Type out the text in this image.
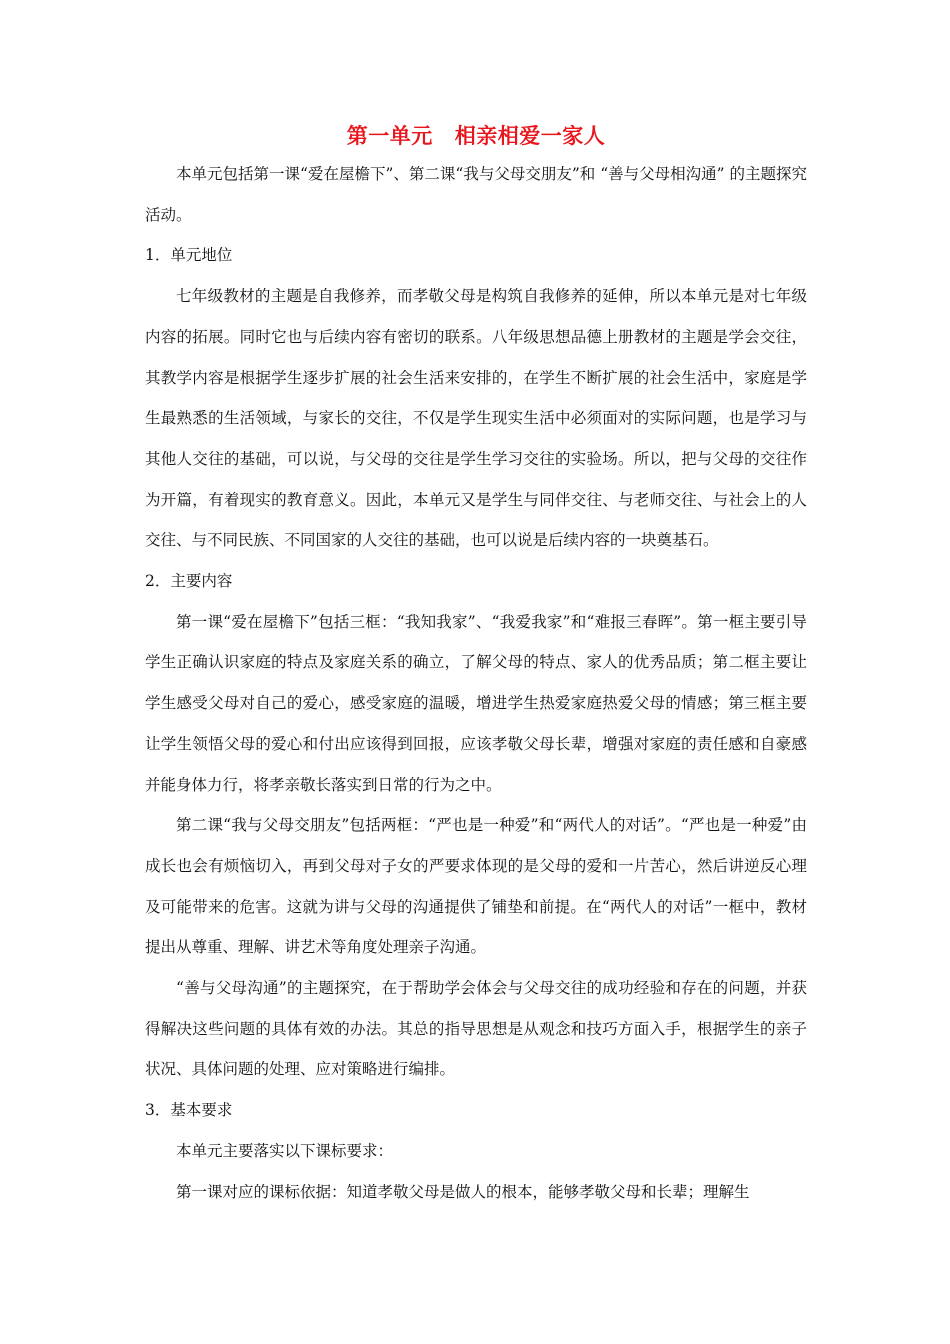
第一单元 相亲相爱一家人

本单元包括第一课“爱在屋檐下”、第二课“我与父母交朋友”和 “善与父母相沟通” 的主题探究活动。

1．单元地位

七年级教材的主题是自我修养，而孝敬父母是构筑自我修养的延伸，所以本单元是对七年级内容的拓展。同时它也与后续内容有密切的联系。八年级思想品德上册教材的主题是学会交往，其教学内容是根据学生逐步扩展的社会生活来安排的，在学生不断扩展的社会生活中，家庭是学生最熟悉的生活领域，与家长的交往，不仅是学生现实生活中必须面对的实际问题，也是学习与其他人交往的基础，可以说，与父母的交往是学生学习交往的实验场。所以，把与父母的交往作为开篇，有着现实的教育意义。因此，本单元又是学生与同伴交往、与老师交往、与社会上的人交往、与不同民族、不同国家的人交往的基础，也可以说是后续内容的一块奠基石。

2．主要内容

第一课“爱在屋檐下”包括三框：“我知我家”、“我爱我家”和“难报三春晖”。第一框主要引导学生正确认识家庭的特点及家庭关系的确立，了解父母的特点、家人的优秀品质；第二框主要让学生感受父母对自己的爱心，感受家庭的温暖，增进学生热爱家庭热爱父母的情感；第三框主要让学生领悟父母的爱心和付出应该得到回报，应该孝敬父母长辈，增强对家庭的责任感和自豪感并能身体力行，将孝亲敬长落实到日常的行为之中。

第二课“我与父母交朋友”包括两框：“严也是一种爱”和“两代人的对话”。“严也是一种爱”由成长也会有烦恼切入，再到父母对子女的严要求体现的是父母的爱和一片苦心，然后讲逆反心理及可能带来的危害。这就为讲与父母的沟通提供了铺垫和前提。在“两代人的对话”一框中，教材提出从尊重、理解、讲艺术等角度处理亲子沟通。

“善与父母沟通”的主题探究，在于帮助学会体会与父母交往的成功经验和存在的问题，并获得解决这些问题的具体有效的办法。其总的指导思想是从观念和技巧方面入手，根据学生的亲子状况、具体问题的处理、应对策略进行编排。

3．基本要求

本单元主要落实以下课标要求：

第一课对应的课标依据：知道孝敬父母是做人的根本，能够孝敬父母和长辈；理解生
